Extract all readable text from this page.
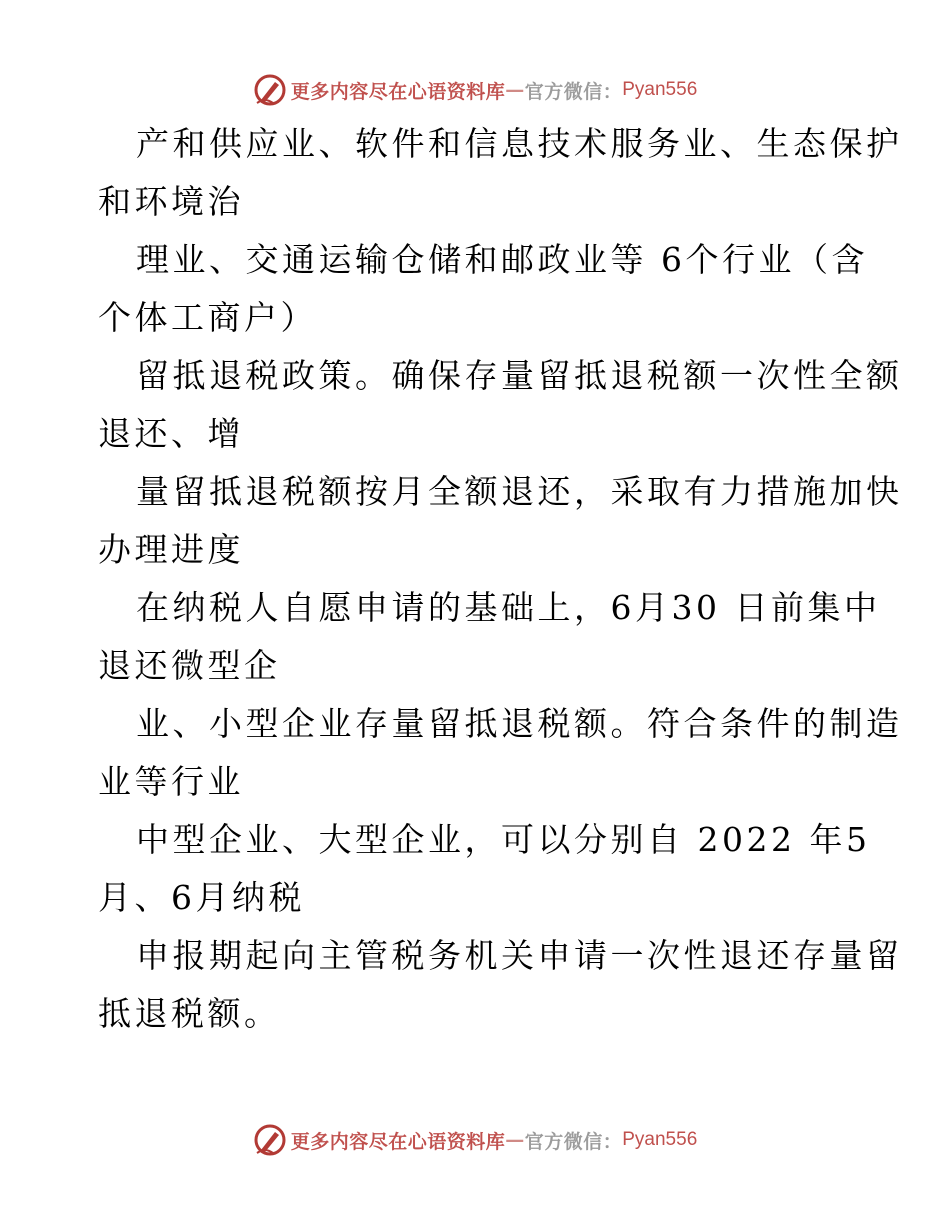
更多内容尽在心语资料库 — 官方微信： Pyan556
产和供应业、软件和信息技术服务业、生态保护
和环境治
理业、交通运输仓储和邮政业等 6个行业（含
个体工商户）
留抵退税政策。确保存量留抵退税额一次性全额
退还、增
量留抵退税额按月全额退还，采取有力措施加快
办理进度
在纳税人自愿申请的基础上，6月30 日前集中
退还微型企
业、小型企业存量留抵退税额。符合条件的制造
业等行业
中型企业、大型企业，可以分别自 2022 年5
月、6月纳税
申报期起向主管税务机关申请一次性退还存量留
抵退税额。
更多内容尽在心语资料库 — 官方微信： Pyan556
